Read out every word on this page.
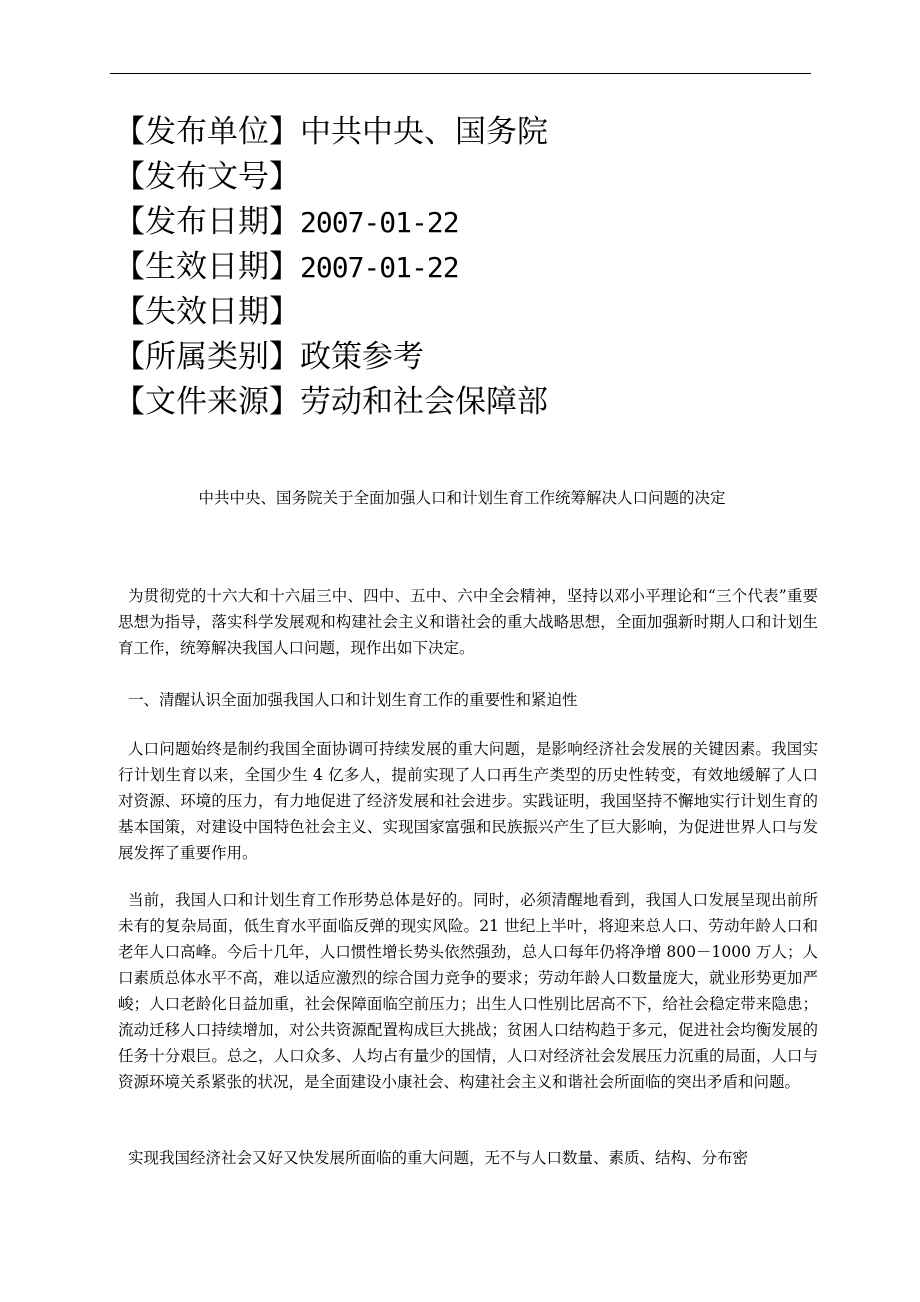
【发布单位】中共中央、国务院
【发布文号】
【发布日期】2007-01-22
【生效日期】2007-01-22
【失效日期】
【所属类别】政策参考
【文件来源】劳动和社会保障部
中共中央、国务院关于全面加强人口和计划生育工作统筹解决人口问题的决定

为贯彻党的十六大和十六届三中、四中、五中、六中全会精神，坚持以邓小平理论和“三个代表”重要思想为指导，落实科学发展观和构建社会主义和谐社会的重大战略思想，全面加强新时期人口和计划生育工作，统筹解决我国人口问题，现作出如下决定。

一、清醒认识全面加强我国人口和计划生育工作的重要性和紧迫性

人口问题始终是制约我国全面协调可持续发展的重大问题，是影响经济社会发展的关键因素。我国实行计划生育以来，全国少生 4 亿多人，提前实现了人口再生产类型的历史性转变，有效地缓解了人口对资源、环境的压力，有力地促进了经济发展和社会进步。实践证明，我国坚持不懈地实行计划生育的基本国策，对建设中国特色社会主义、实现国家富强和民族振兴产生了巨大影响，为促进世界人口与发展发挥了重要作用。

当前，我国人口和计划生育工作形势总体是好的。同时，必须清醒地看到，我国人口发展呈现出前所未有的复杂局面，低生育水平面临反弹的现实风险。21 世纪上半叶，将迎来总人口、劳动年龄人口和老年人口高峰。今后十几年，人口惯性增长势头依然强劲，总人口每年仍将净增 800－1000 万人；人口素质总体水平不高，难以适应激烈的综合国力竞争的要求；劳动年龄人口数量庞大，就业形势更加严峻；人口老龄化日益加重，社会保障面临空前压力；出生人口性别比居高不下，给社会稳定带来隐患；流动迁移人口持续增加，对公共资源配置构成巨大挑战；贫困人口结构趋于多元，促进社会均衡发展的任务十分艰巨。总之，人口众多、人均占有量少的国情，人口对经济社会发展压力沉重的局面，人口与资源环境关系紧张的状况，是全面建设小康社会、构建社会主义和谐社会所面临的突出矛盾和问题。

实现我国经济社会又好又快发展所面临的重大问题，无不与人口数量、素质、结构、分布密
